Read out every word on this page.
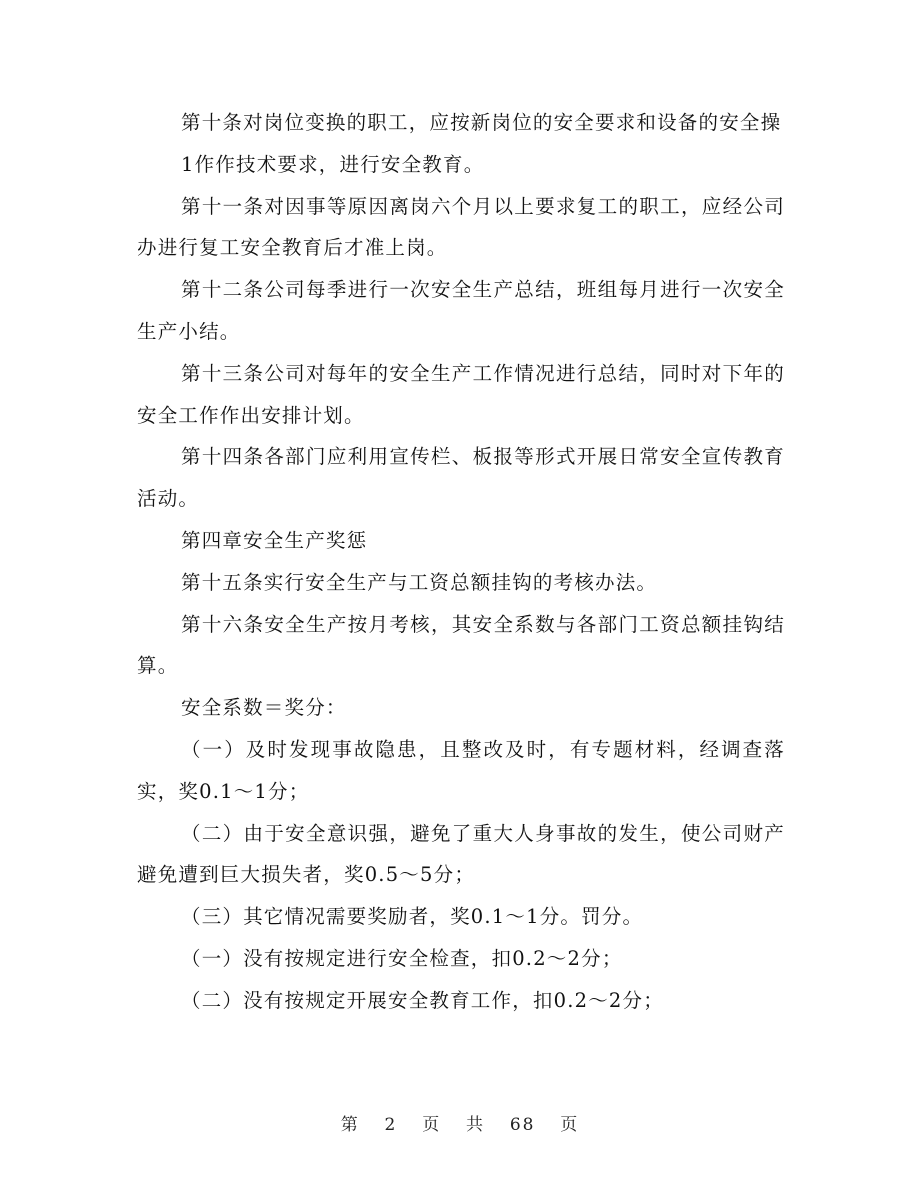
第十条对岗位变换的职工，应按新岗位的安全要求和设备的安全操

1作作技术要求，进行安全教育。

第十一条对因事等原因离岗六个月以上要求复工的职工，应经公司办进行复工安全教育后才准上岗。

第十二条公司每季进行一次安全生产总结，班组每月进行一次安全生产小结。

第十三条公司对每年的安全生产工作情况进行总结，同时对下年的安全工作作出安排计划。

第十四条各部门应利用宣传栏、板报等形式开展日常安全宣传教育活动。

第四章安全生产奖惩

第十五条实行安全生产与工资总额挂钩的考核办法。

第十六条安全生产按月考核，其安全系数与各部门工资总额挂钩结算。

安全系数＝奖分：

（一）及时发现事故隐患，且整改及时，有专题材料，经调查落实，奖0.1～1分；

（二）由于安全意识强，避免了重大人身事故的发生，使公司财产避免遭到巨大损失者，奖0.5～5分；

（三）其它情况需要奖励者，奖0.1～1分。罚分。

（一）没有按规定进行安全检查，扣0.2～2分；

（二）没有按规定开展安全教育工作，扣0.2～2分；

第 2 页 共 68 页
